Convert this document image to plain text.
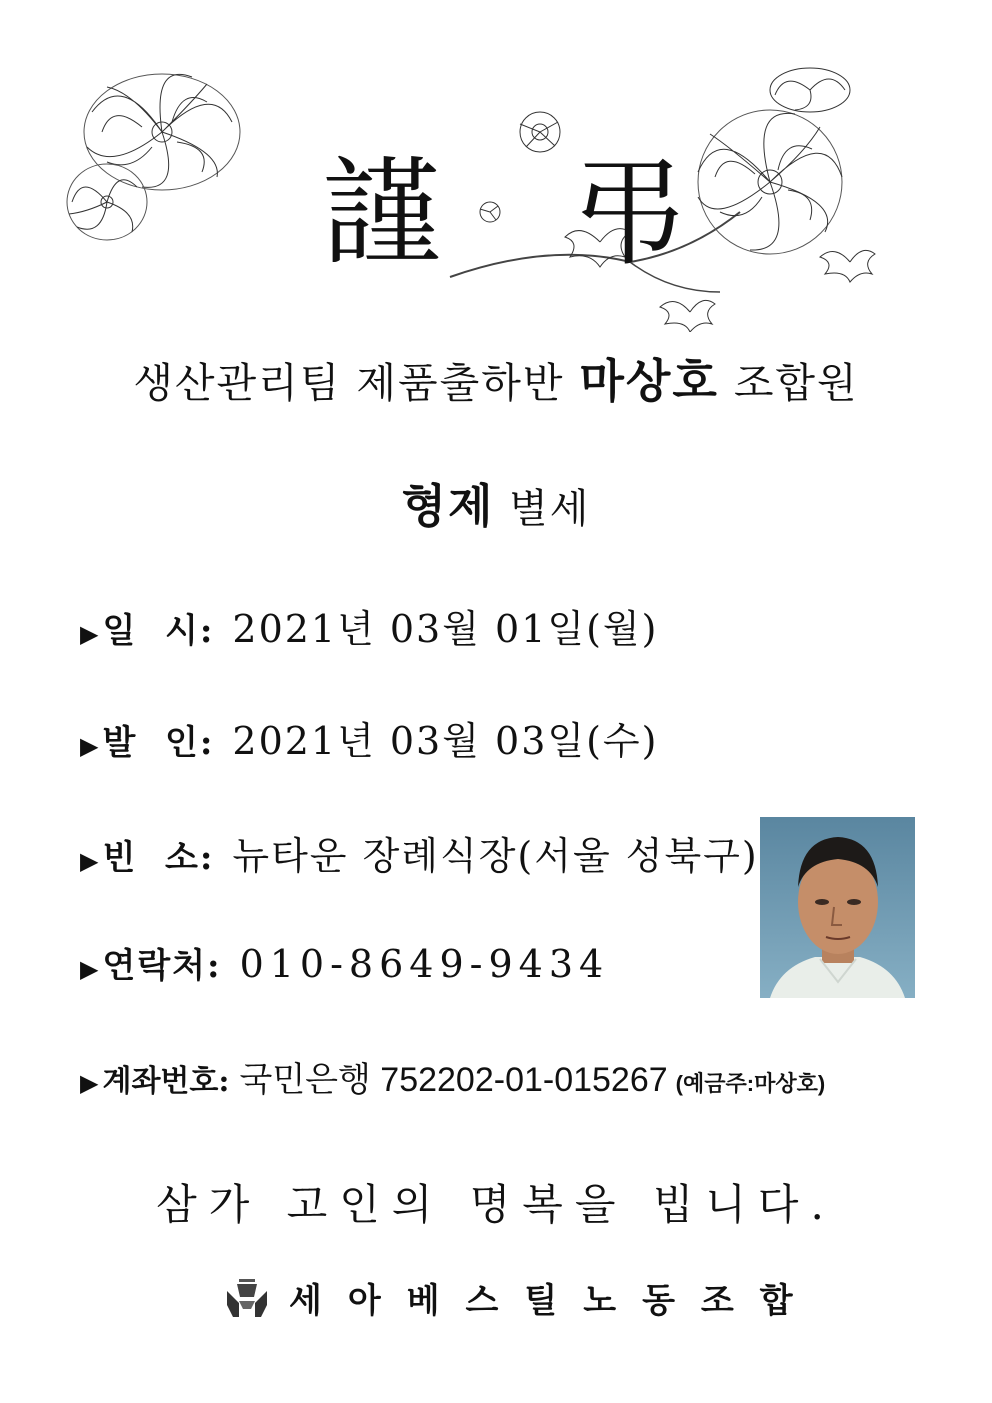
謹 弔
생산관리팀 제품출하반 마상호 조합원
형제 별세
▶ 일  시: 2021년 03월 01일(월)
▶ 발  인: 2021년 03월 03일(수)
▶ 빈  소: 뉴타운 장례식장(서울 성북구)
▶ 연락처: 010-8649-9434
▶ 계좌번호: 국민은행 752202-01-015267 (예금주:마상호)
삼가 고인의 명복을 빕니다.
세아베스틸노동조합
